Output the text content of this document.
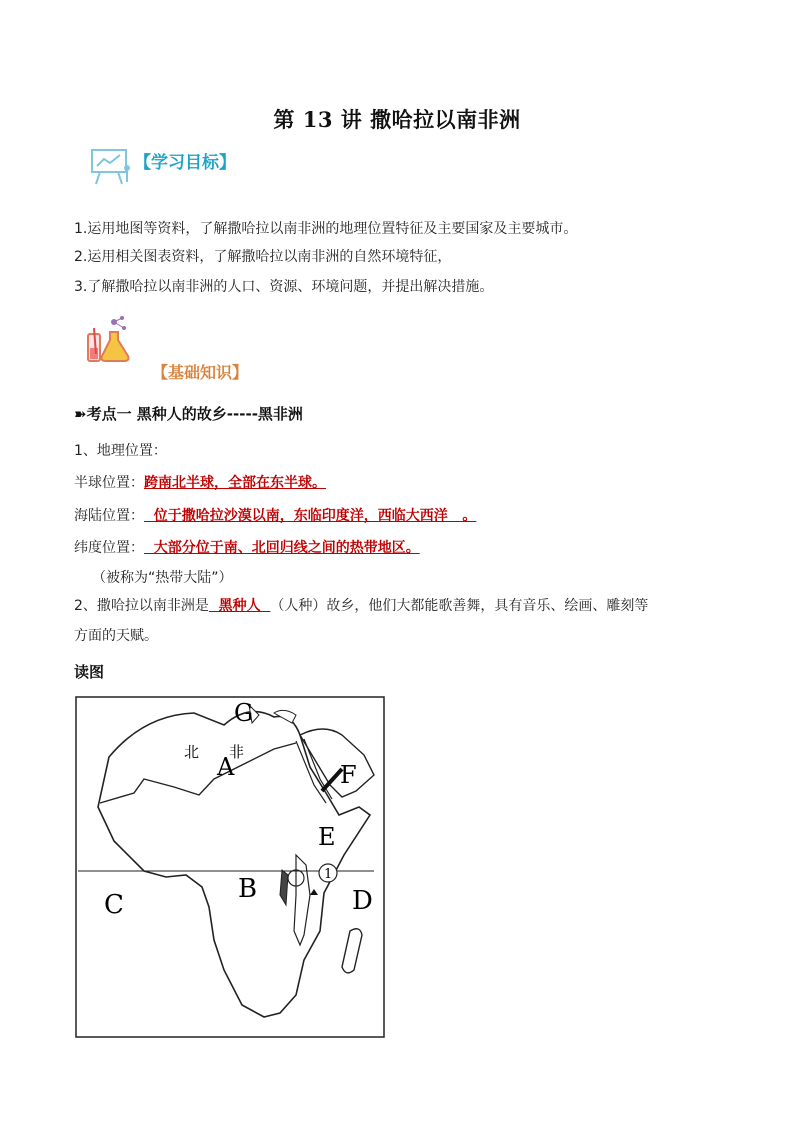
第 13 讲 撒哈拉以南非洲
【学习目标】
1.运用地图等资料，了解撒哈拉以南非洲的地理位置特征及主要国家及主要城市。
2.运用相关图表资料，了解撒哈拉以南非洲的自然环境特征，
3.了解撒哈拉以南非洲的人口、资源、环境问题，并提出解决措施。
【基础知识】
➽考点一 黑种人的故乡-----黑非洲
1、地理位置：
半球位置：跨南北半球，全部在东半球。
海陆位置：  位于撒哈拉沙漠以南，东临印度洋，西临大西洋   。
纬度位置：  大部分位于南、北回归线之间的热带地区。
（被称为“热带大陆”）
2、撒哈拉以南非洲是  黑种人  （人种）故乡，他们大都能歌善舞，具有音乐、绘画、雕刻等
方面的天赋。
读图
1
G
北 非
A	F
E
C
B	D
